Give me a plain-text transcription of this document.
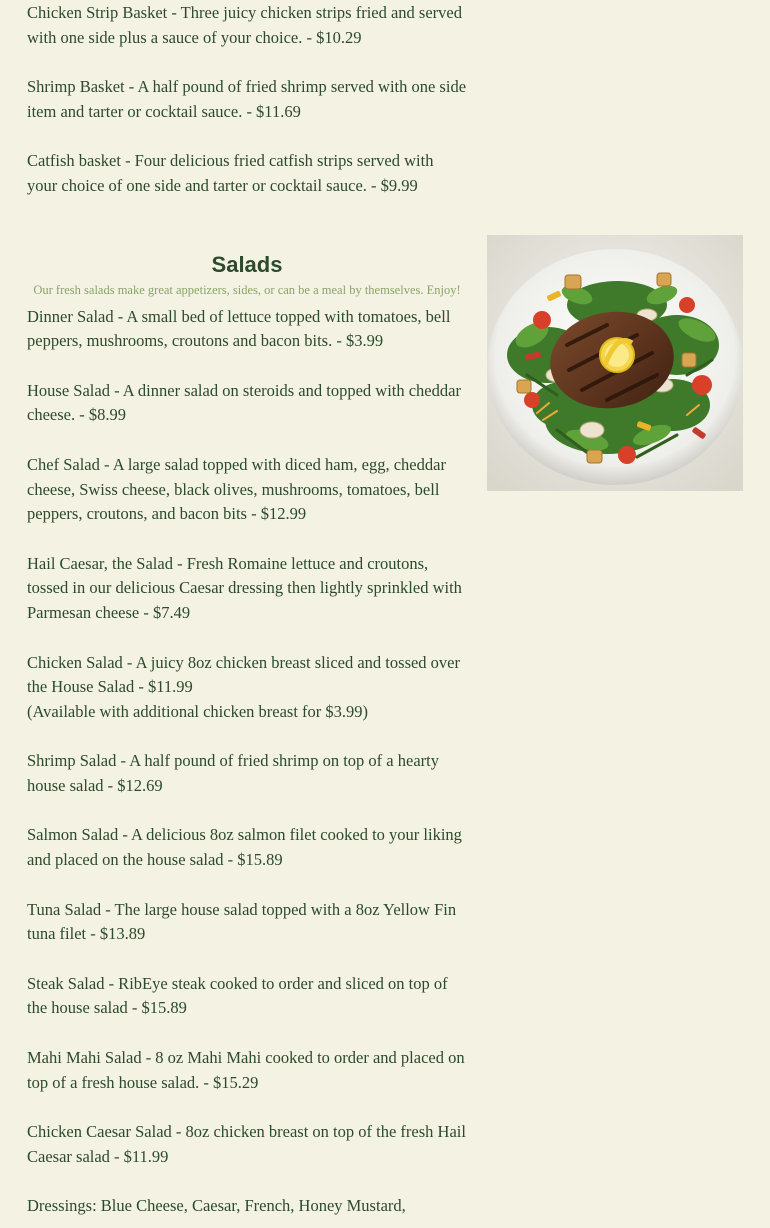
Chicken Strip Basket - Three juicy chicken strips fried and served with one side plus a sauce of your choice. - $10.29

Shrimp Basket - A half pound of fried shrimp served with one side item and tarter or cocktail sauce. - $11.69

Catfish basket - Four delicious fried catfish strips served with your choice of one side and tarter or cocktail sauce. - $9.99

Salads

Our fresh salads make great appetizers, sides, or can be a meal by themselves. Enjoy!

Dinner Salad - A small bed of lettuce topped with tomatoes, bell peppers, mushrooms, croutons and bacon bits. - $3.99

House Salad - A dinner salad on steroids and topped with cheddar cheese. - $8.99

Chef Salad - A large salad topped with diced ham, egg, cheddar cheese, Swiss cheese, black olives, mushrooms, tomatoes, bell peppers, croutons, and bacon bits - $12.99

Hail Caesar, the Salad - Fresh Romaine lettuce and croutons, tossed in our delicious Caesar dressing then lightly sprinkled with Parmesan cheese - $7.49

Chicken Salad - A juicy 8oz chicken breast sliced and tossed over the House Salad - $11.99

(Available with additional chicken breast for $3.99)

Shrimp Salad - A half pound of fried shrimp on top of a hearty house salad - $12.69

Salmon Salad - A delicious 8oz salmon filet cooked to your liking and placed on the house salad - $15.89

Tuna Salad - The large house salad topped with a 8oz Yellow Fin tuna filet - $13.89

Steak Salad - RibEye steak cooked to order and sliced on top of the house salad - $15.89

Mahi Mahi Salad - 8 oz Mahi Mahi cooked to order and placed on top of a fresh house salad. - $15.29

Chicken Caesar Salad - 8oz chicken breast on top of the fresh Hail Caesar salad - $11.99

Dressings: Blue Cheese, Caesar, French, Honey Mustard,
